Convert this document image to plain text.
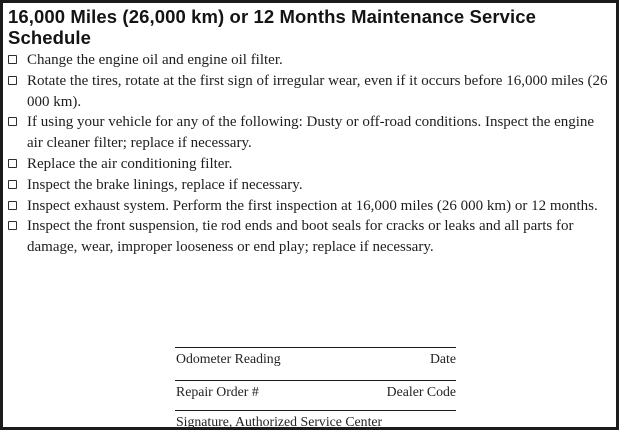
16,000 Miles (26,000 km) or 12 Months Maintenance Service Schedule
Change the engine oil and engine oil filter.
Rotate the tires, rotate at the first sign of irregular wear, even if it occurs before 16,000 miles (26 000 km).
If using your vehicle for any of the following: Dusty or off-road conditions. Inspect the engine air cleaner filter; replace if necessary.
Replace the air conditioning filter.
Inspect the brake linings, replace if necessary.
Inspect exhaust system. Perform the first inspection at 16,000 miles (26 000 km) or 12 months.
Inspect the front suspension, tie rod ends and boot seals for cracks or leaks and all parts for damage, wear, improper looseness or end play; replace if necessary.
Odometer Reading	Date
Repair Order #	Dealer Code
Signature, Authorized Service Center
